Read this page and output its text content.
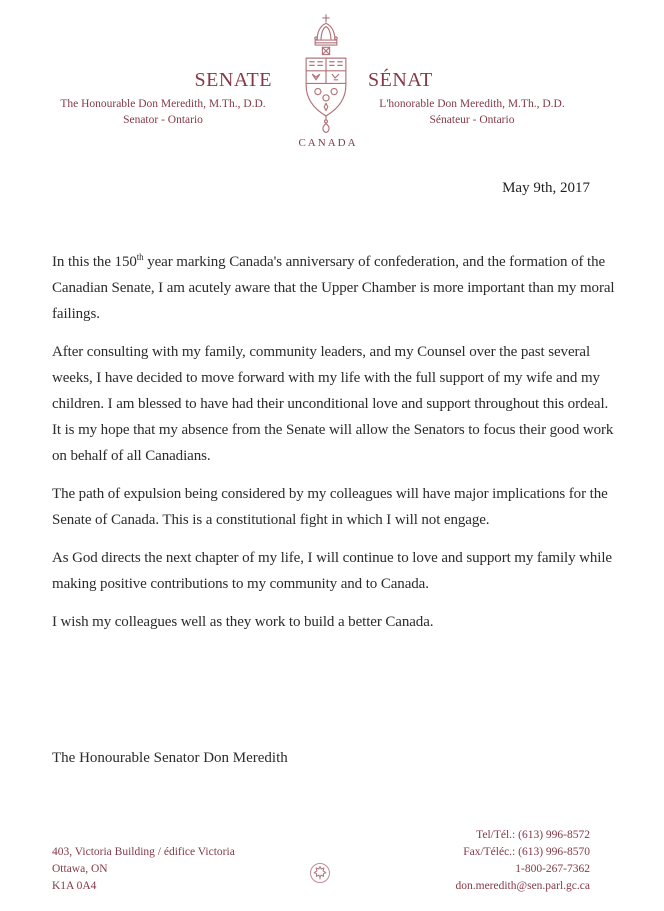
SENATE	SÉNAT
The Honourable Don Meredith, M.Th., D.D.
Senator - Ontario
L'honorable Don Meredith, M.Th., D.D.
Sénateur - Ontario
CANADA
May 9th, 2017

In this the 150th year marking Canada's anniversary of confederation, and the formation of the Canadian Senate, I am acutely aware that the Upper Chamber is more important than my moral failings.

After consulting with my family, community leaders, and my Counsel over the past several weeks, I have decided to move forward with my life with the full support of my wife and my children. I am blessed to have had their unconditional love and support throughout this ordeal. It is my hope that my absence from the Senate will allow the Senators to focus their good work on behalf of all Canadians.

The path of expulsion being considered by my colleagues will have major implications for the Senate of Canada. This is a constitutional fight in which I will not engage.

As God directs the next chapter of my life, I will continue to love and support my family while making positive contributions to my community and to Canada.

I wish my colleagues well as they work to build a better Canada.

The Honourable Senator Don Meredith
403, Victoria Building / édifice Victoria
Ottawa, ON
K1A 0A4
Tel/Tél.: (613) 996-8572
Fax/Téléc.: (613) 996-8570
1-800-267-7362
don.meredith@sen.parl.gc.ca
